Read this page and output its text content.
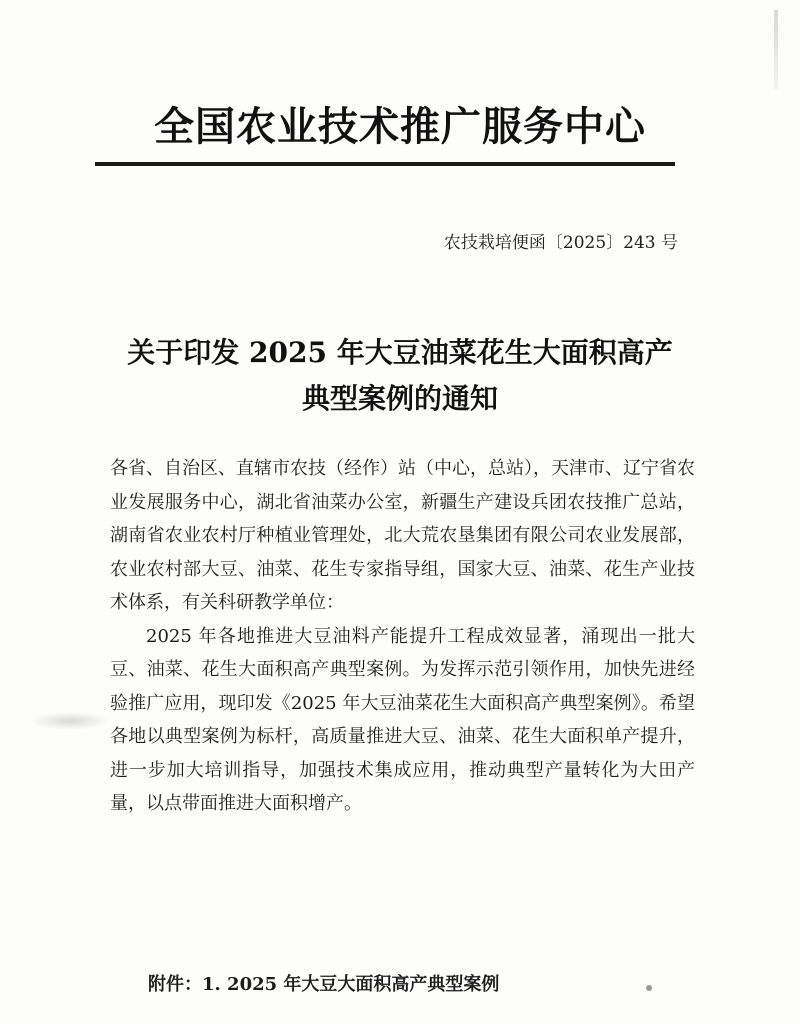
全国农业技术推广服务中心
农技栽培便函〔2025〕243 号
关于印发 2025 年大豆油菜花生大面积高产
典型案例的通知

各省、自治区、直辖市农技（经作）站（中心，总站），天津市、辽宁省农业发展服务中心，湖北省油菜办公室，新疆生产建设兵团农技推广总站，湖南省农业农村厅种植业管理处，北大荒农垦集团有限公司农业发展部，农业农村部大豆、油菜、花生专家指导组，国家大豆、油菜、花生产业技术体系，有关科研教学单位：

2025 年各地推进大豆油料产能提升工程成效显著，涌现出一批大豆、油菜、花生大面积高产典型案例。为发挥示范引领作用，加快先进经验推广应用，现印发《2025 年大豆油菜花生大面积高产典型案例》。希望各地以典型案例为标杆，高质量推进大豆、油菜、花生大面积单产提升，进一步加大培训指导，加强技术集成应用，推动典型产量转化为大田产量，以点带面推进大面积增产。

附件：1. 2025 年大豆大面积高产典型案例
